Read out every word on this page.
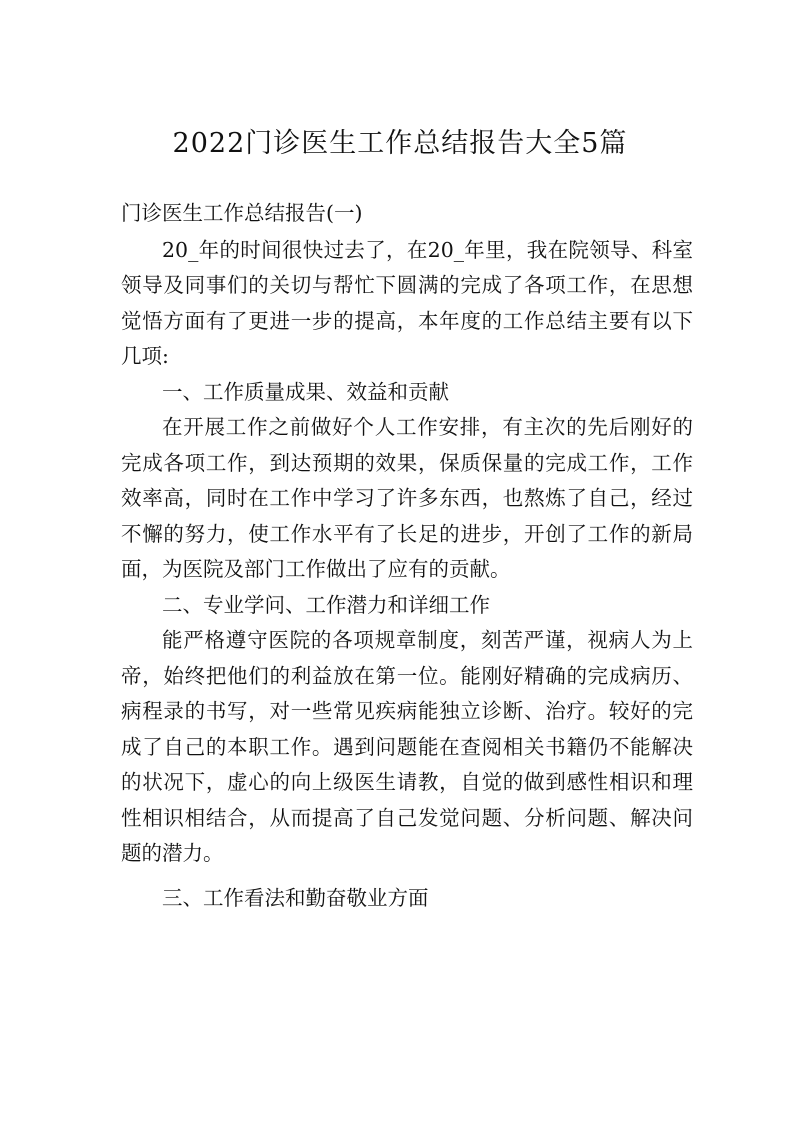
2022门诊医生工作总结报告大全5篇

门诊医生工作总结报告(一)

20_年的时间很快过去了，在20_年里，我在院领导、科室领导及同事们的关切与帮忙下圆满的完成了各项工作，在思想觉悟方面有了更进一步的提高，本年度的工作总结主要有以下几项:

一、工作质量成果、效益和贡献

在开展工作之前做好个人工作安排，有主次的先后刚好的完成各项工作，到达预期的效果，保质保量的完成工作，工作效率高，同时在工作中学习了许多东西，也熬炼了自己，经过不懈的努力，使工作水平有了长足的进步，开创了工作的新局面，为医院及部门工作做出了应有的贡献。

二、专业学问、工作潜力和详细工作

能严格遵守医院的各项规章制度，刻苦严谨，视病人为上帝，始终把他们的利益放在第一位。能刚好精确的完成病历、病程录的书写，对一些常见疾病能独立诊断、治疗。较好的完成了自己的本职工作。遇到问题能在查阅相关书籍仍不能解决的状况下，虚心的向上级医生请教，自觉的做到感性相识和理性相识相结合，从而提高了自己发觉问题、分析问题、解决问题的潜力。

三、工作看法和勤奋敬业方面
